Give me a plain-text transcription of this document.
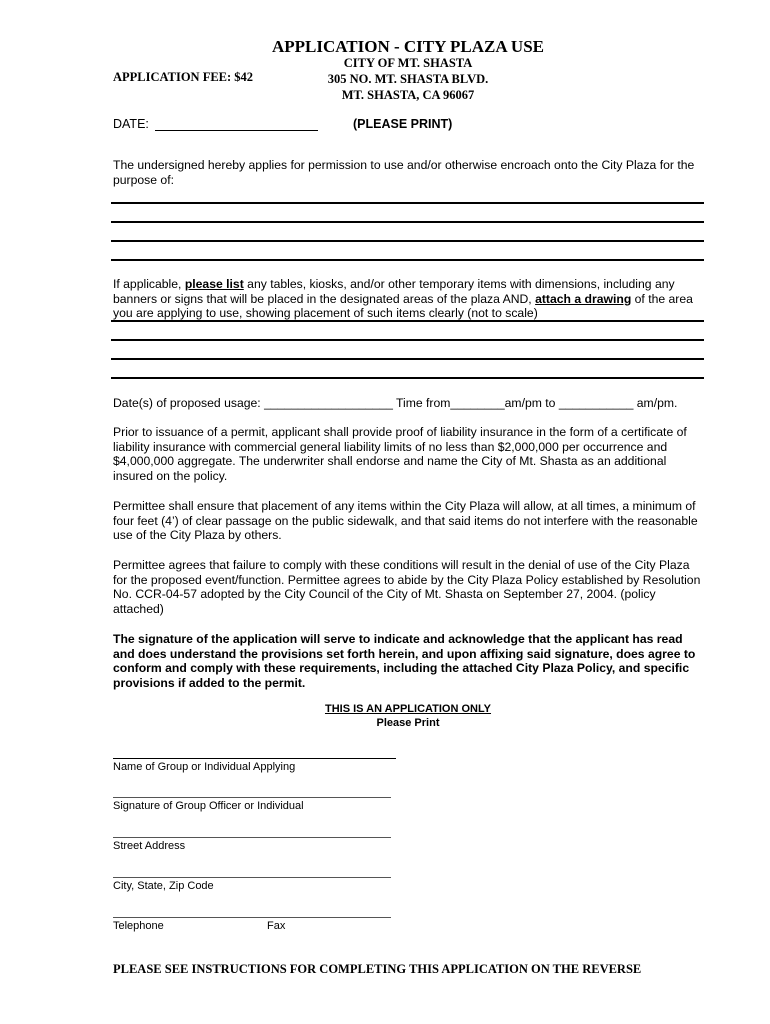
APPLICATION - CITY PLAZA USE
APPLICATION FEE: $42
CITY OF MT. SHASTA
305 NO. MT. SHASTA BLVD.
MT. SHASTA, CA 96067
DATE:	(PLEASE PRINT)
The undersigned hereby applies for permission to use and/or otherwise encroach onto the City Plaza for the purpose of:
If applicable, please list any tables, kiosks, and/or other temporary items with dimensions, including any banners or signs that will be placed in the designated areas of the plaza AND, attach a drawing of the area you are applying to use, showing placement of such items clearly (not to scale)
Date(s) of proposed usage: ___________________ Time from________am/pm to ___________ am/pm.
Prior to issuance of a permit, applicant shall provide proof of liability insurance in the form of a certificate of liability insurance with commercial general liability limits of no less than $2,000,000 per occurrence and $4,000,000 aggregate. The underwriter shall endorse and name the City of Mt. Shasta as an additional insured on the policy.
Permittee shall ensure that placement of any items within the City Plaza will allow, at all times, a minimum of four feet (4’) of clear passage on the public sidewalk, and that said items do not interfere with the reasonable use of the City Plaza by others.
Permittee agrees that failure to comply with these conditions will result in the denial of use of the City Plaza for the proposed event/function. Permittee agrees to abide by the City Plaza Policy established by Resolution No. CCR-04-57 adopted by the City Council of the City of Mt. Shasta on September 27, 2004. (policy attached)
The signature of the application will serve to indicate and acknowledge that the applicant has read and does understand the provisions set forth herein, and upon affixing said signature, does agree to conform and comply with these requirements, including the attached City Plaza Policy, and specific provisions if added to the permit.
THIS IS AN APPLICATION ONLY
Please Print
Name of Group or Individual Applying
Signature of Group Officer or Individual
Street Address
City, State, Zip Code
Telephone	Fax
PLEASE SEE INSTRUCTIONS FOR COMPLETING THIS APPLICATION ON THE REVERSE
